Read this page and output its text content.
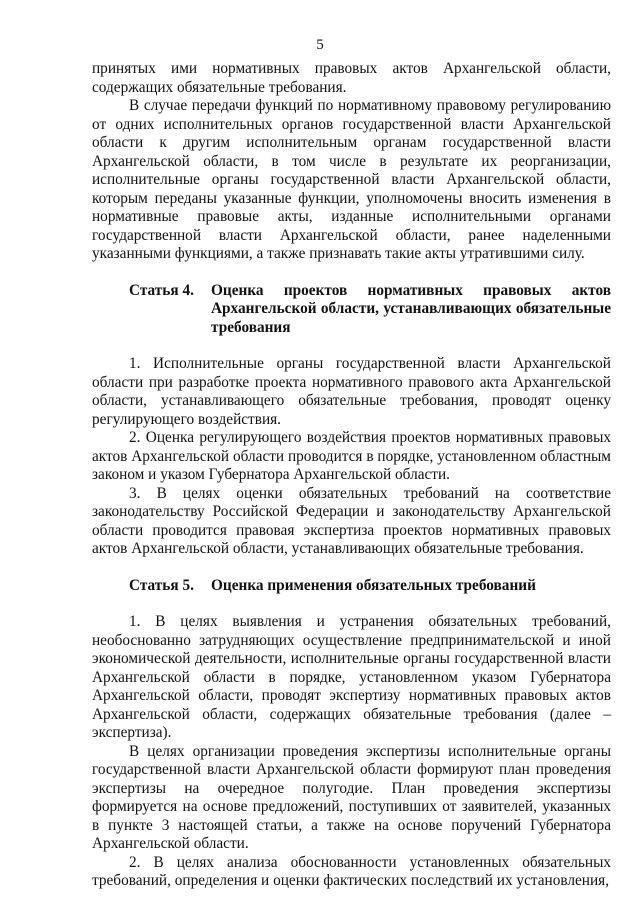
5

принятых ими нормативных правовых актов Архангельской области, содержащих обязательные требования.

В случае передачи функций по нормативному правовому регулированию от одних исполнительных органов государственной власти Архангельской области к другим исполнительным органам государственной власти Архангельской области, в том числе в результате их реорганизации, исполнительные органы государственной власти Архангельской области, которым переданы указанные функции, уполномочены вносить изменения в нормативные правовые акты, изданные исполнительными органами государственной власти Архангельской области, ранее наделенными указанными функциями, а также признавать такие акты утратившими силу.

Статья 4.	Оценка проектов нормативных правовых актов Архангельской области, устанавливающих обязательные требования

1. Исполнительные органы государственной власти Архангельской области при разработке проекта нормативного правового акта Архангельской области, устанавливающего обязательные требования, проводят оценку регулирующего воздействия.

2. Оценка регулирующего воздействия проектов нормативных правовых актов Архангельской области проводится в порядке, установленном областным законом и указом Губернатора Архангельской области.

3. В целях оценки обязательных требований на соответствие законодательству Российской Федерации и законодательству Архангельской области проводится правовая экспертиза проектов нормативных правовых актов Архангельской области, устанавливающих обязательные требования.

Статья 5.	Оценка применения обязательных требований

1. В целях выявления и устранения обязательных требований, необоснованно затрудняющих осуществление предпринимательской и иной экономической деятельности, исполнительные органы государственной власти Архангельской области в порядке, установленном указом Губернатора Архангельской области, проводят экспертизу нормативных правовых актов Архангельской области, содержащих обязательные требования (далее – экспертиза).

В целях организации проведения экспертизы исполнительные органы государственной власти Архангельской области формируют план проведения экспертизы на очередное полугодие. План проведения экспертизы формируется на основе предложений, поступивших от заявителей, указанных в пункте 3 настоящей статьи, а также на основе поручений Губернатора Архангельской области.

2. В целях анализа обоснованности установленных обязательных требований, определения и оценки фактических последствий их установления,
